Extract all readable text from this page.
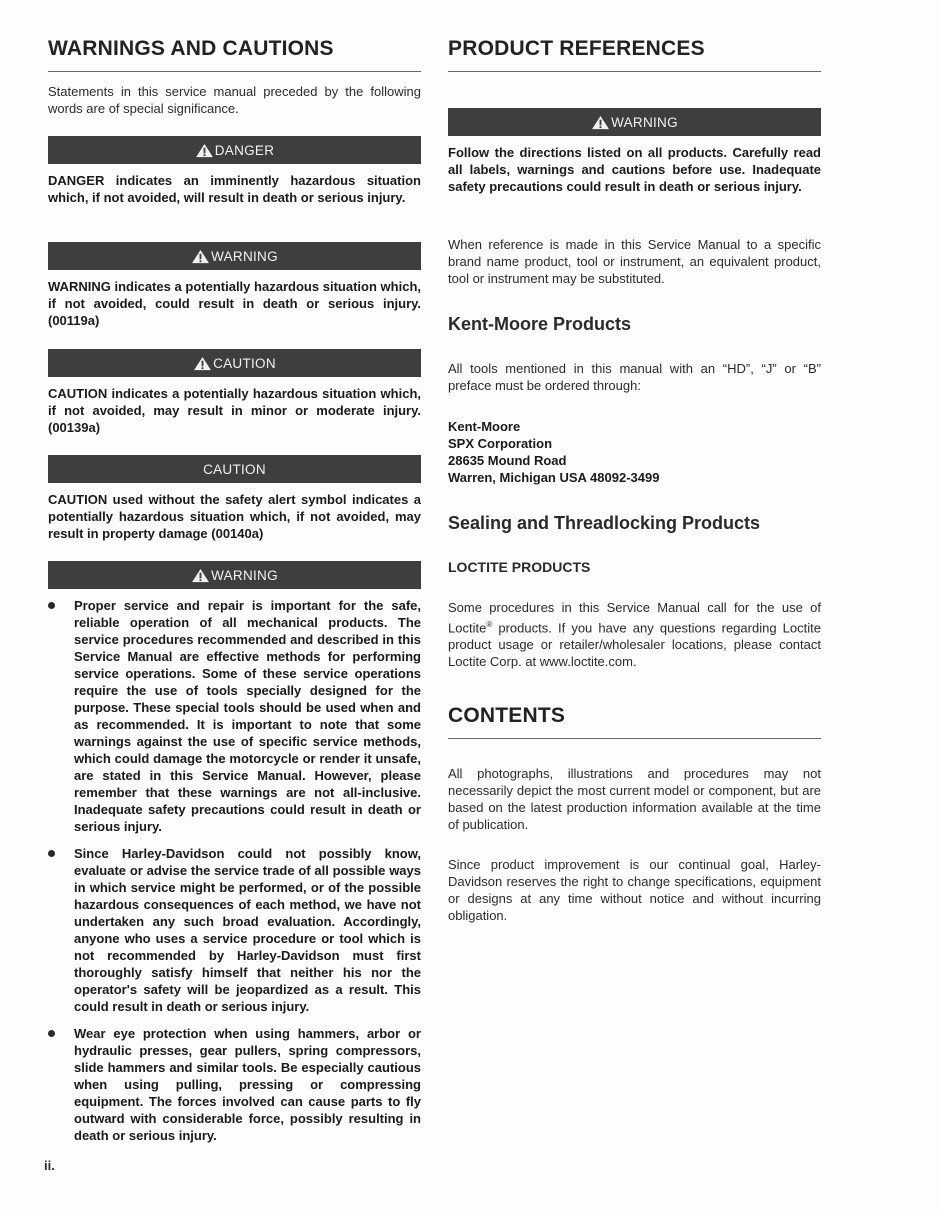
WARNINGS AND CAUTIONS

Statements in this service manual preceded by the following words are of special significance.

DANGER

DANGER indicates an imminently hazardous situation which, if not avoided, will result in death or serious injury.

WARNING

WARNING indicates a potentially hazardous situation which, if not avoided, could result in death or serious injury. (00119a)

CAUTION

CAUTION indicates a potentially hazardous situation which, if not avoided, may result in minor or moderate injury. (00139a)

CAUTION

CAUTION used without the safety alert symbol indicates a potentially hazardous situation which, if not avoided, may result in property damage (00140a)

WARNING
Proper service and repair is important for the safe, reliable operation of all mechanical products. The service procedures recommended and described in this Service Manual are effective methods for performing service operations. Some of these service operations require the use of tools specially designed for the purpose. These special tools should be used when and as recommended. It is important to note that some warnings against the use of specific service methods, which could damage the motorcycle or render it unsafe, are stated in this Service Manual. However, please remember that these warnings are not all-inclusive. Inadequate safety precautions could result in death or serious injury.
Since Harley-Davidson could not possibly know, evaluate or advise the service trade of all possible ways in which service might be performed, or of the possible hazardous consequences of each method, we have not undertaken any such broad evaluation. Accordingly, anyone who uses a service procedure or tool which is not recommended by Harley-Davidson must first thoroughly satisfy himself that neither his nor the operator's safety will be jeopardized as a result. This could result in death or serious injury.
Wear eye protection when using hammers, arbor or hydraulic presses, gear pullers, spring compressors, slide hammers and similar tools. Be especially cautious when using pulling, pressing or compressing equipment. The forces involved can cause parts to fly outward with considerable force, possibly resulting in death or serious injury.
PRODUCT REFERENCES
WARNING

Follow the directions listed on all products. Carefully read all labels, warnings and cautions before use. Inadequate safety precautions could result in death or serious injury.

When reference is made in this Service Manual to a specific brand name product, tool or instrument, an equivalent product, tool or instrument may be substituted.

Kent-Moore Products

All tools mentioned in this manual with an “HD”, “J” or “B” preface must be ordered through:

Kent-Moore
SPX Corporation
28635 Mound Road
Warren, Michigan USA 48092-3499

Sealing and Threadlocking Products
LOCTITE PRODUCTS

Some procedures in this Service Manual call for the use of Loctite® products. If you have any questions regarding Loctite product usage or retailer/wholesaler locations, please contact Loctite Corp. at www.loctite.com.

CONTENTS

All photographs, illustrations and procedures may not necessarily depict the most current model or component, but are based on the latest production information available at the time of publication.

Since product improvement is our continual goal, Harley-Davidson reserves the right to change specifications, equipment or designs at any time without notice and without incurring obligation.

ii.
